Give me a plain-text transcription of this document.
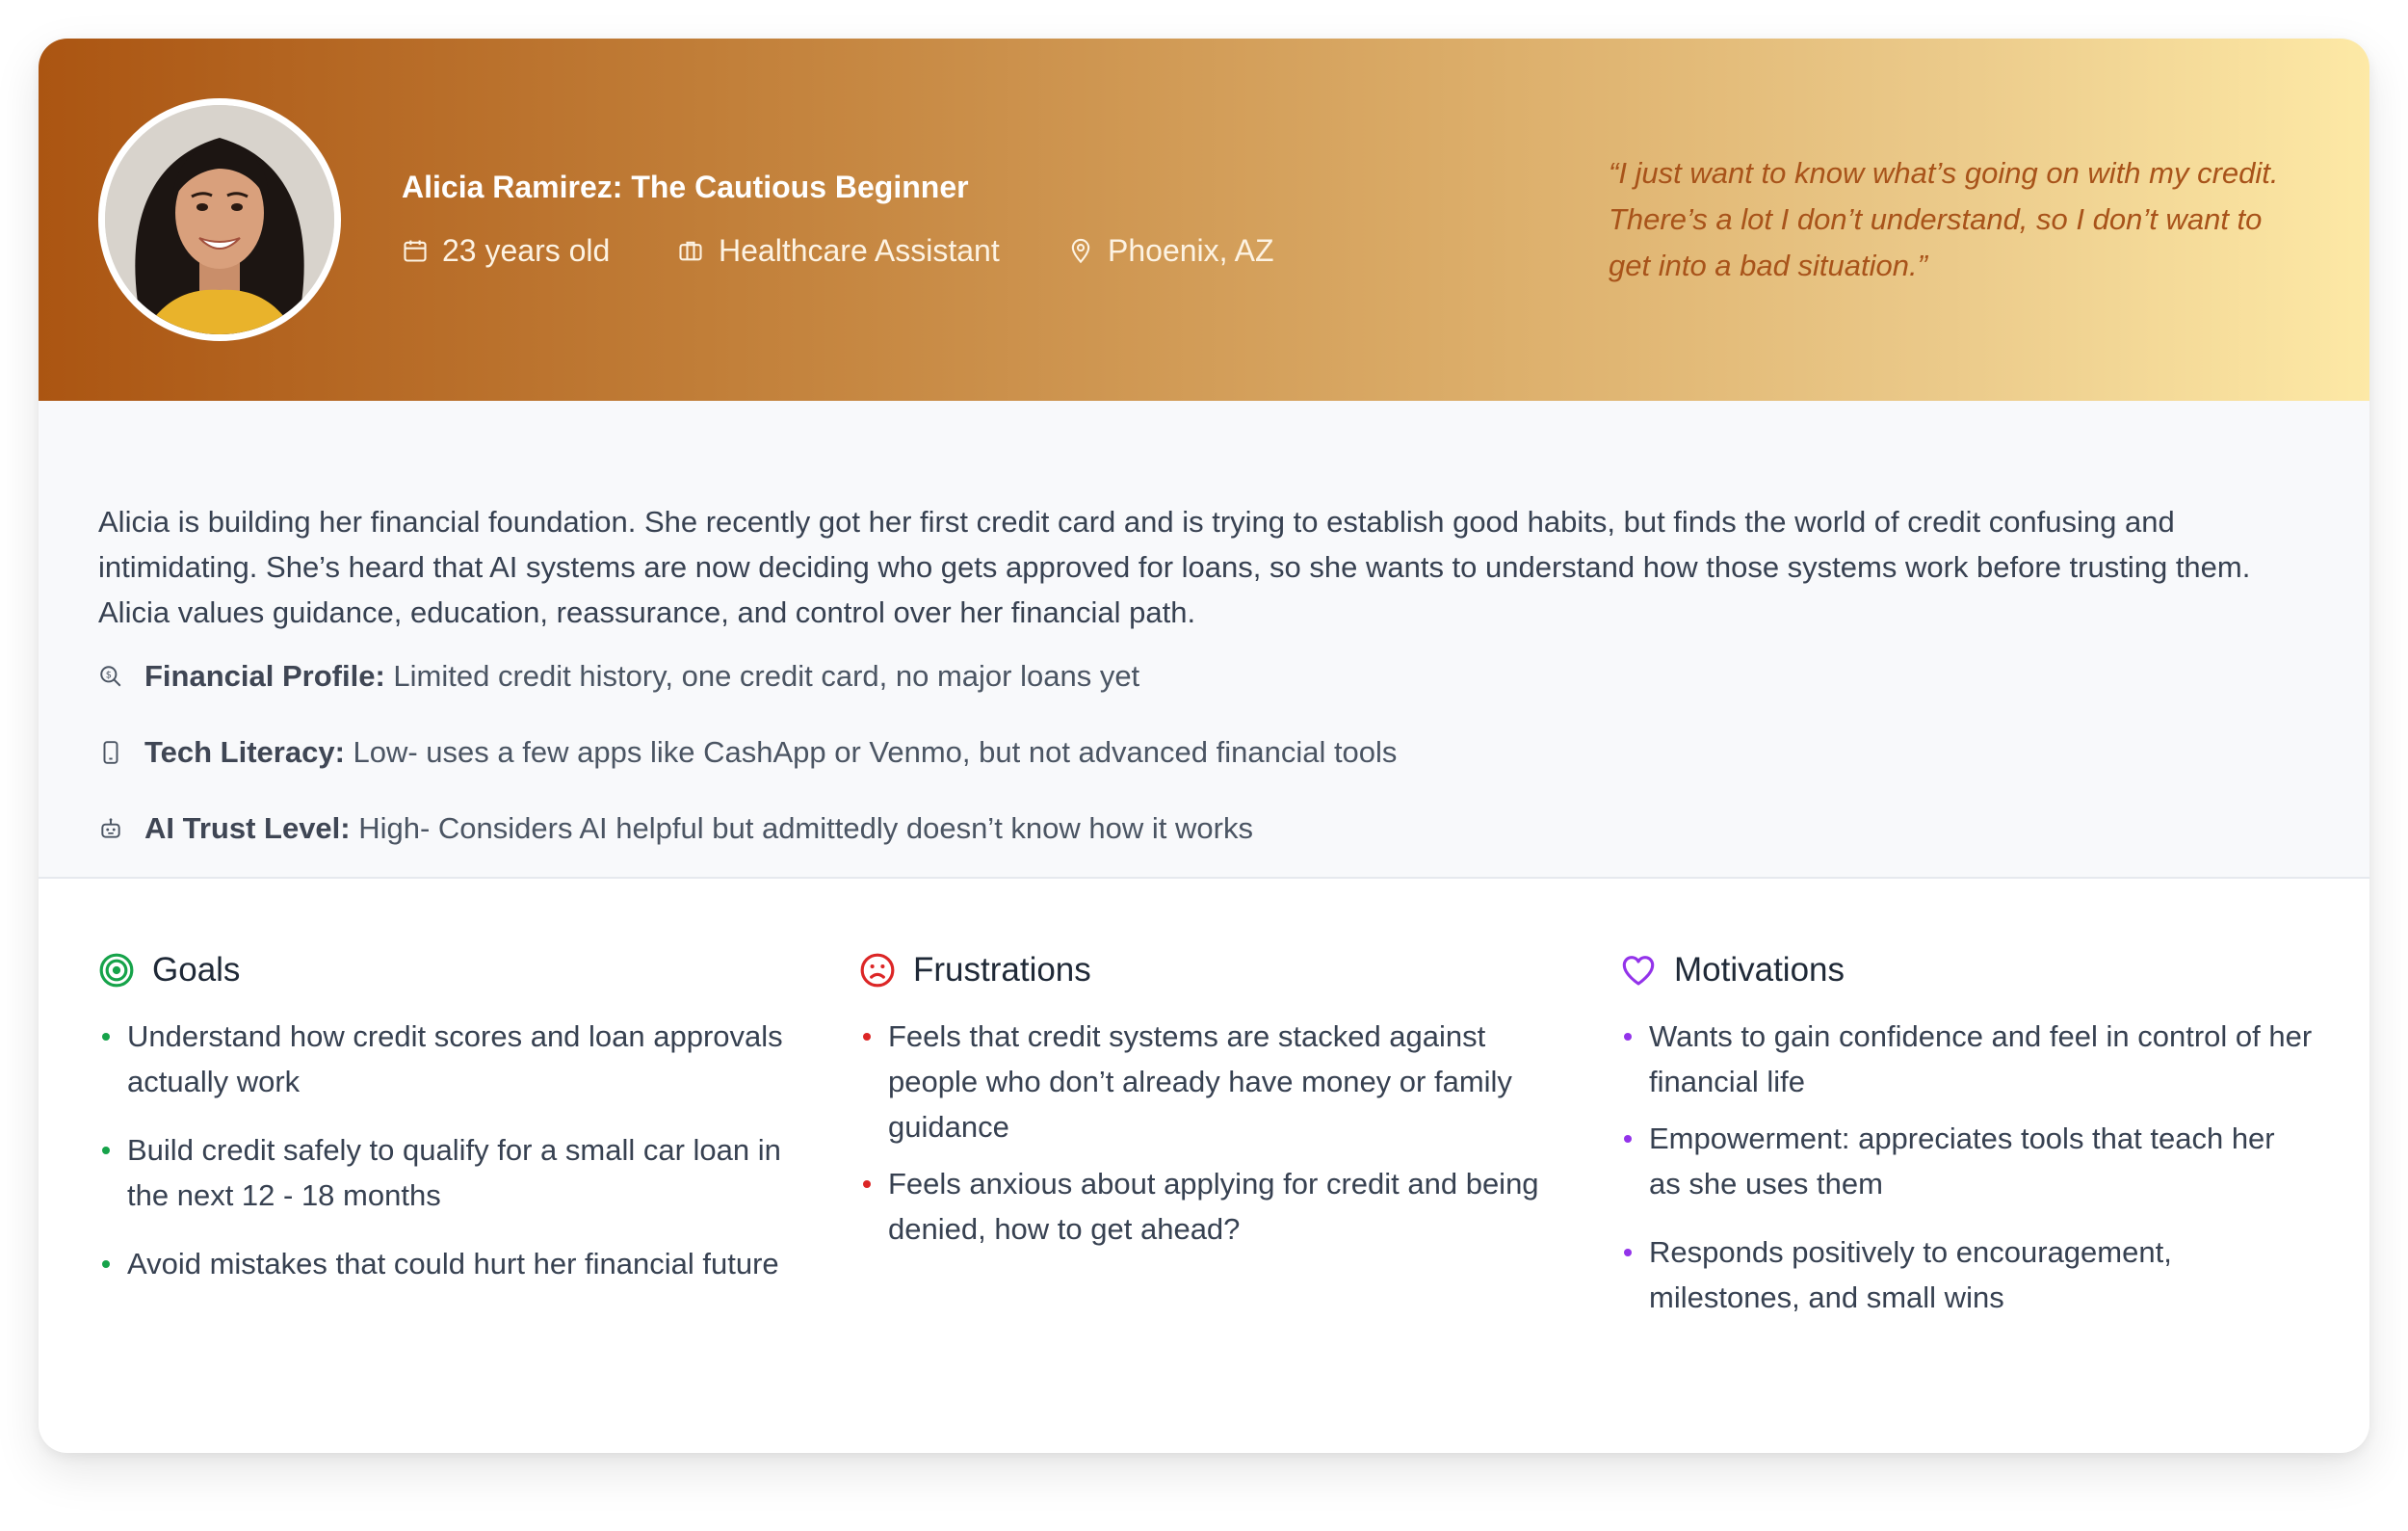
Alicia Ramirez: The Cautious Beginner
23 years old	Healthcare Assistant	Phoenix, AZ
“I just want to know what’s going on with my credit. There’s a lot I don’t understand, so I don’t want to get into a bad situation.”
Alicia is building her financial foundation. She recently got her first credit card and is trying to establish good habits, but finds the world of credit confusing and intimidating. She’s heard that AI systems are now deciding who gets approved for loans, so she wants to understand how those systems work before trusting them. Alicia values guidance, education, reassurance, and control over her financial path.
$ Financial Profile: Limited credit history, one credit card, no major loans yet
Tech Literacy: Low- uses a few apps like CashApp or Venmo, but not advanced financial tools
AI Trust Level: High- Considers AI helpful but admittedly doesn’t know how it works
Goals
Understand how credit scores and loan approvals actually work
Build credit safely to qualify for a small car loan in the next 12 - 18 months
Avoid mistakes that could hurt her financial future
Frustrations
Feels that credit systems are stacked against people who don’t already have money or family guidance
Feels anxious about applying for credit and being denied, how to get ahead?
Motivations
Wants to gain confidence and feel in control of her financial life
Empowerment: appreciates tools that teach her as she uses them
Responds positively to encouragement, milestones, and small wins
